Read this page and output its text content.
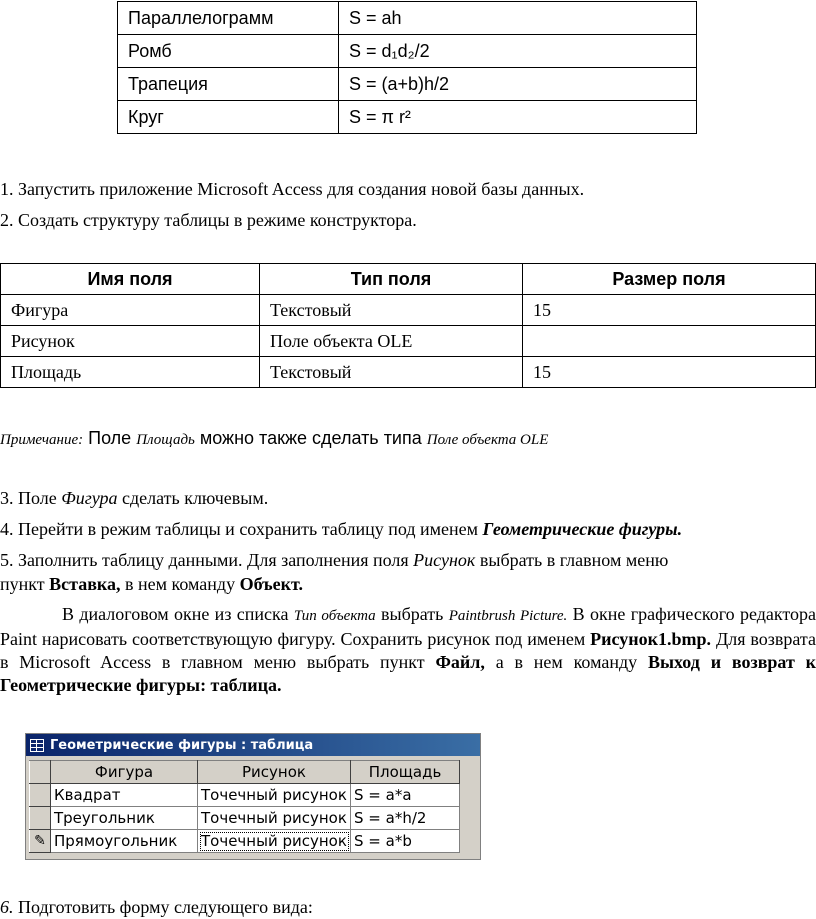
Параллелограмм	S = ah
Ромб	S = d₁d₂/2
Трапеция	S = (a+b)h/2
Круг	S = π r²
1. Запустить приложение Microsoft Access для создания новой базы данных.
2. Создать структуру таблицы в режиме конструктора.
Имя поля	Тип поля	Размер поля
Фигура	Текстовый	15
Рисунок	Поле объекта OLE	
Площадь	Текстовый	15
Примечание: Поле Площадь можно также сделать типа Поле объекта OLE
3. Поле Фигура сделать ключевым.
4. Перейти в режим таблицы и сохранить таблицу под именем Геометрические фигуры.
5. Заполнить таблицу данными. Для заполнения поля Рисунок выбрать в главном меню
пункт Вставка, в нем команду Объект.
В диалоговом окне из списка Тип объекта выбрать Paintbrush Picture. В окне графического редактора Paint нарисовать соответствующую фигуру. Сохранить рисунок под именем Рисунок1.bmp. Для возврата в Microsoft Access в главном меню выбрать пункт Файл, а в нем команду Выход и возврат к Геометрические фигуры: таблица.
Геометрические фигуры : таблица
	Фигура	Рисунок	Площадь
	Квадрат	Точечный рисунок	S = a*a
	Треугольник	Точечный рисунок	S = a*h/2

✎	Прямоугольник	Точечный рисунок	S = a*b
6. Подготовить форму следующего вида:
